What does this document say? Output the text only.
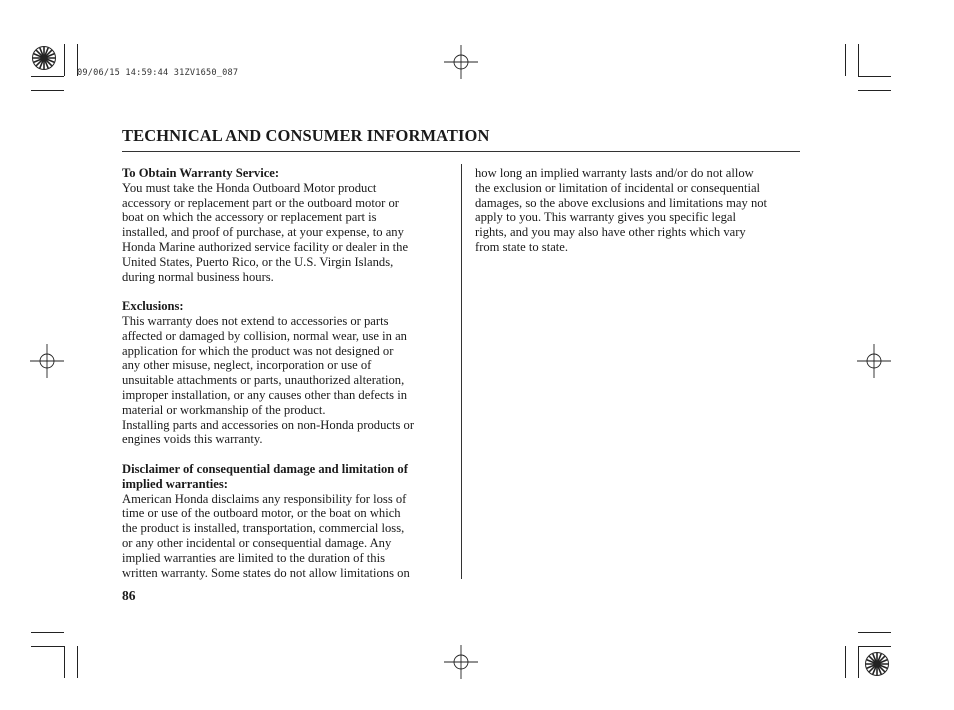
09/06/15 14:59:44 31ZV1650_087
TECHNICAL AND CONSUMER INFORMATION
To Obtain Warranty Service:
You must take the Honda Outboard Motor product
accessory or replacement part or the outboard motor or
boat on which the accessory or replacement part is
installed, and proof of purchase, at your expense, to any
Honda Marine authorized service facility or dealer in the
United States, Puerto Rico, or the U.S. Virgin Islands,
during normal business hours.
Exclusions:
This warranty does not extend to accessories or parts
affected or damaged by collision, normal wear, use in an
application for which the product was not designed or
any other misuse, neglect, incorporation or use of
unsuitable attachments or parts, unauthorized alteration,
improper installation, or any causes other than defects in
material or workmanship of the product.
Installing parts and accessories on non-Honda products or
engines voids this warranty.
Disclaimer of consequential damage and limitation of
implied warranties:
American Honda disclaims any responsibility for loss of
time or use of the outboard motor, or the boat on which
the product is installed, transportation, commercial loss,
or any other incidental or consequential damage. Any
implied warranties are limited to the duration of this
written warranty. Some states do not allow limitations on
how long an implied warranty lasts and/or do not allow
the exclusion or limitation of incidental or consequential
damages, so the above exclusions and limitations may not
apply to you. This warranty gives you specific legal
rights, and you may also have other rights which vary
from state to state.
86
